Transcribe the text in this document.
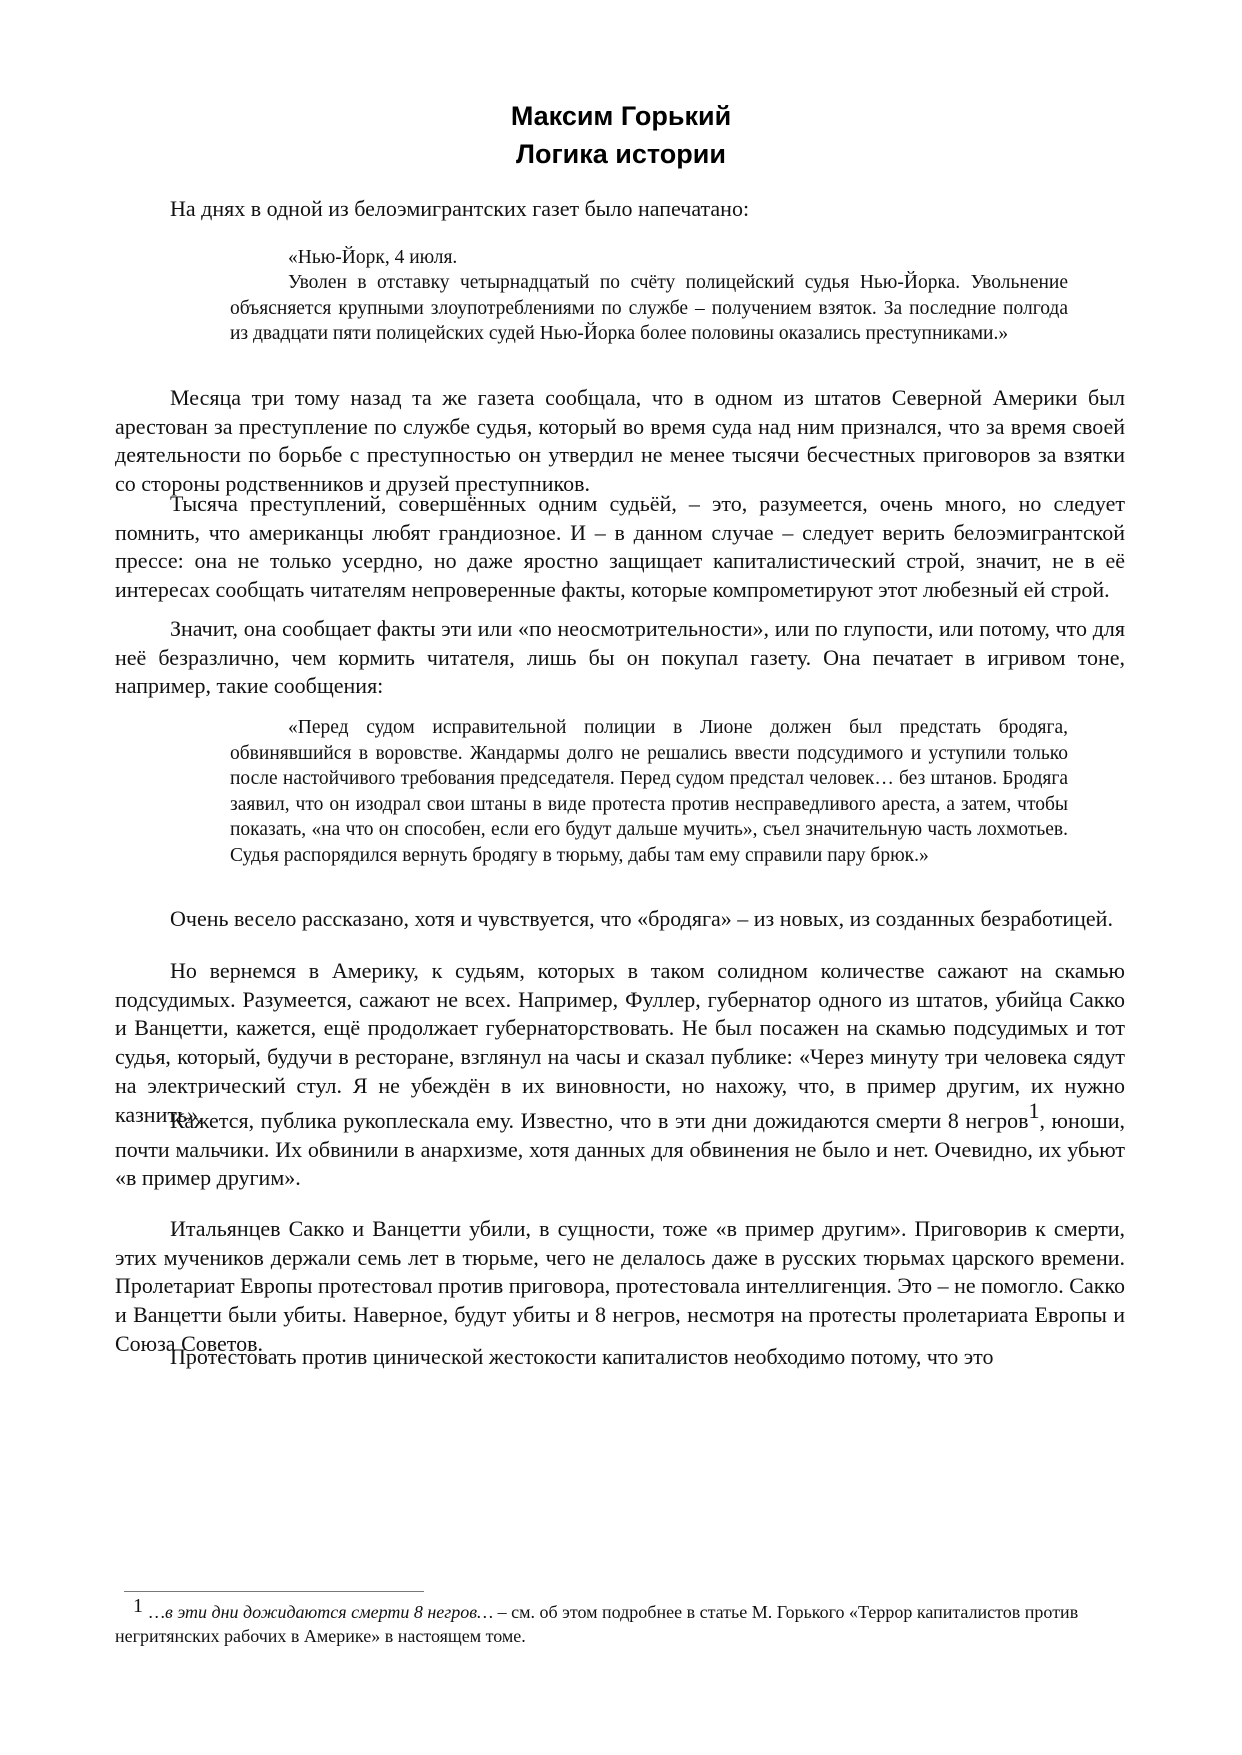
Максим Горький
Логика истории

На днях в одной из белоэмигрантских газет было напечатано:

«Нью-Йорк, 4 июля.

Уволен в отставку четырнадцатый по счёту полицейский судья Нью-Йорка. Увольнение объясняется крупными злоупотреблениями по службе – получением взяток. За последние полгода из двадцати пяти полицейских судей Нью-Йорка более половины оказались преступниками.»

Месяца три тому назад та же газета сообщала, что в одном из штатов Северной Америки был арестован за преступление по службе судья, который во время суда над ним признался, что за время своей деятельности по борьбе с преступностью он утвердил не менее тысячи бесчестных приговоров за взятки со стороны родственников и друзей преступников.

Тысяча преступлений, совершённых одним судьёй, – это, разумеется, очень много, но следует помнить, что американцы любят грандиозное. И – в данном случае – следует верить белоэмигрантской прессе: она не только усердно, но даже яростно защищает капиталистический строй, значит, не в её интересах сообщать читателям непроверенные факты, которые компрометируют этот любезный ей строй.

Значит, она сообщает факты эти или «по неосмотрительности», или по глупости, или потому, что для неё безразлично, чем кормить читателя, лишь бы он покупал газету. Она печатает в игривом тоне, например, такие сообщения:

«Перед судом исправительной полиции в Лионе должен был предстать бродяга, обвинявшийся в воровстве. Жандармы долго не решались ввести подсудимого и уступили только после настойчивого требования председателя. Перед судом предстал человек… без штанов. Бродяга заявил, что он изодрал свои штаны в виде протеста против несправедливого ареста, а затем, чтобы показать, «на что он способен, если его будут дальше мучить», съел значительную часть лохмотьев. Судья распорядился вернуть бродягу в тюрьму, дабы там ему справили пару брюк.»

Очень весело рассказано, хотя и чувствуется, что «бродяга» – из новых, из созданных безработицей.

Но вернемся в Америку, к судьям, которых в таком солидном количестве сажают на скамью подсудимых. Разумеется, сажают не всех. Например, Фуллер, губернатор одного из штатов, убийца Сакко и Ванцетти, кажется, ещё продолжает губернаторствовать. Не был посажен на скамью подсудимых и тот судья, который, будучи в ресторане, взглянул на часы и сказал публике: «Через минуту три человека сядут на электрический стул. Я не убеждён в их виновности, но нахожу, что, в пример другим, их нужно казнить».

Кажется, публика рукоплескала ему. Известно, что в эти дни дожидаются смерти 8 негров1, юноши, почти мальчики. Их обвинили в анархизме, хотя данных для обвинения не было и нет. Очевидно, их убьют «в пример другим».

Итальянцев Сакко и Ванцетти убили, в сущности, тоже «в пример другим». Приговорив к смерти, этих мучеников держали семь лет в тюрьме, чего не делалось даже в русских тюрьмах царского времени. Пролетариат Европы протестовал против приговора, протестовала интеллигенция. Это – не помогло. Сакко и Ванцетти были убиты. Наверное, будут убиты и 8 негров, несмотря на протесты пролетариата Европы и Союза Советов.

Протестовать против цинической жестокости капиталистов необходимо потому, что это

1 …в эти дни дожидаются смерти 8 негров… – см. об этом подробнее в статье М. Горького «Террор капиталистов против негритянских рабочих в Америке» в настоящем томе.
